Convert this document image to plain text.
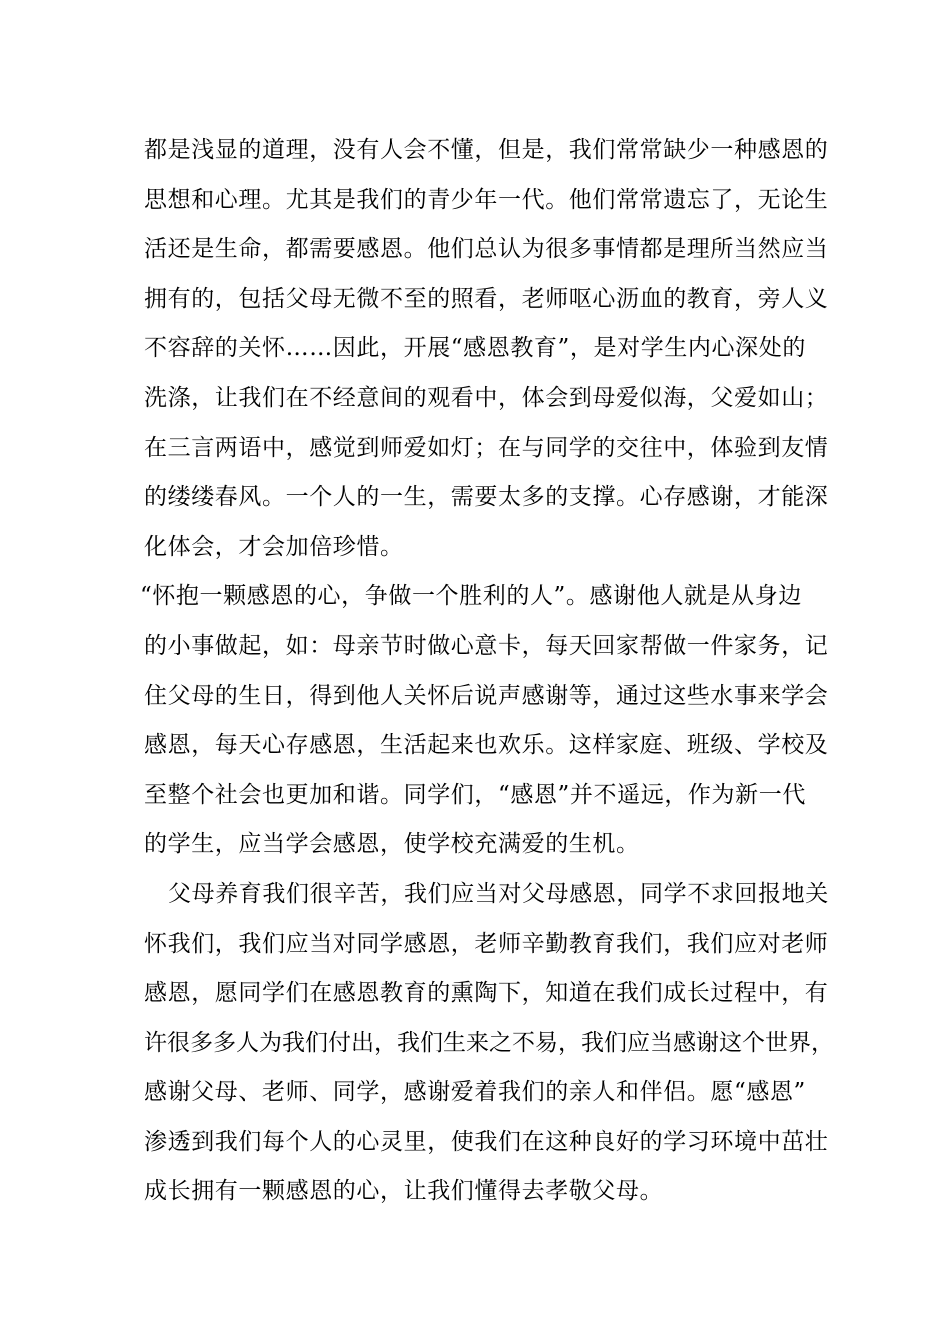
都是浅显的道理，没有人会不懂，但是，我们常常缺少一种感恩的
思想和心理。尤其是我们的青少年一代。他们常常遗忘了，无论生
活还是生命，都需要感恩。他们总认为很多事情都是理所当然应当
拥有的，包括父母无微不至的照看，老师呕心沥血的教育，旁人义
不容辞的关怀……因此，开展“感恩教育”，是对学生内心深处的
洗涤，让我们在不经意间的观看中，体会到母爱似海，父爱如山；
在三言两语中，感觉到师爱如灯；在与同学的交往中，体验到友情
的缕缕春风。一个人的一生，需要太多的支撑。心存感谢，才能深
化体会，才会加倍珍惜。
“怀抱一颗感恩的心，争做一个胜利的人”。感谢他人就是从身边
的小事做起，如：母亲节时做心意卡，每天回家帮做一件家务，记
住父母的生日，得到他人关怀后说声感谢等，通过这些水事来学会
感恩，每天心存感恩，生活起来也欢乐。这样家庭、班级、学校及
至整个社会也更加和谐。同学们，“感恩”并不遥远，作为新一代
的学生，应当学会感恩，使学校充满爱的生机。
父母养育我们很辛苦，我们应当对父母感恩，同学不求回报地关
怀我们，我们应当对同学感恩，老师辛勤教育我们，我们应对老师
感恩，愿同学们在感恩教育的熏陶下，知道在我们成长过程中，有
许很多多人为我们付出，我们生来之不易，我们应当感谢这个世界，
感谢父母、老师、同学，感谢爱着我们的亲人和伴侣。愿“感恩”
渗透到我们每个人的心灵里，使我们在这种良好的学习环境中茁壮
成长拥有一颗感恩的心，让我们懂得去孝敬父母。
